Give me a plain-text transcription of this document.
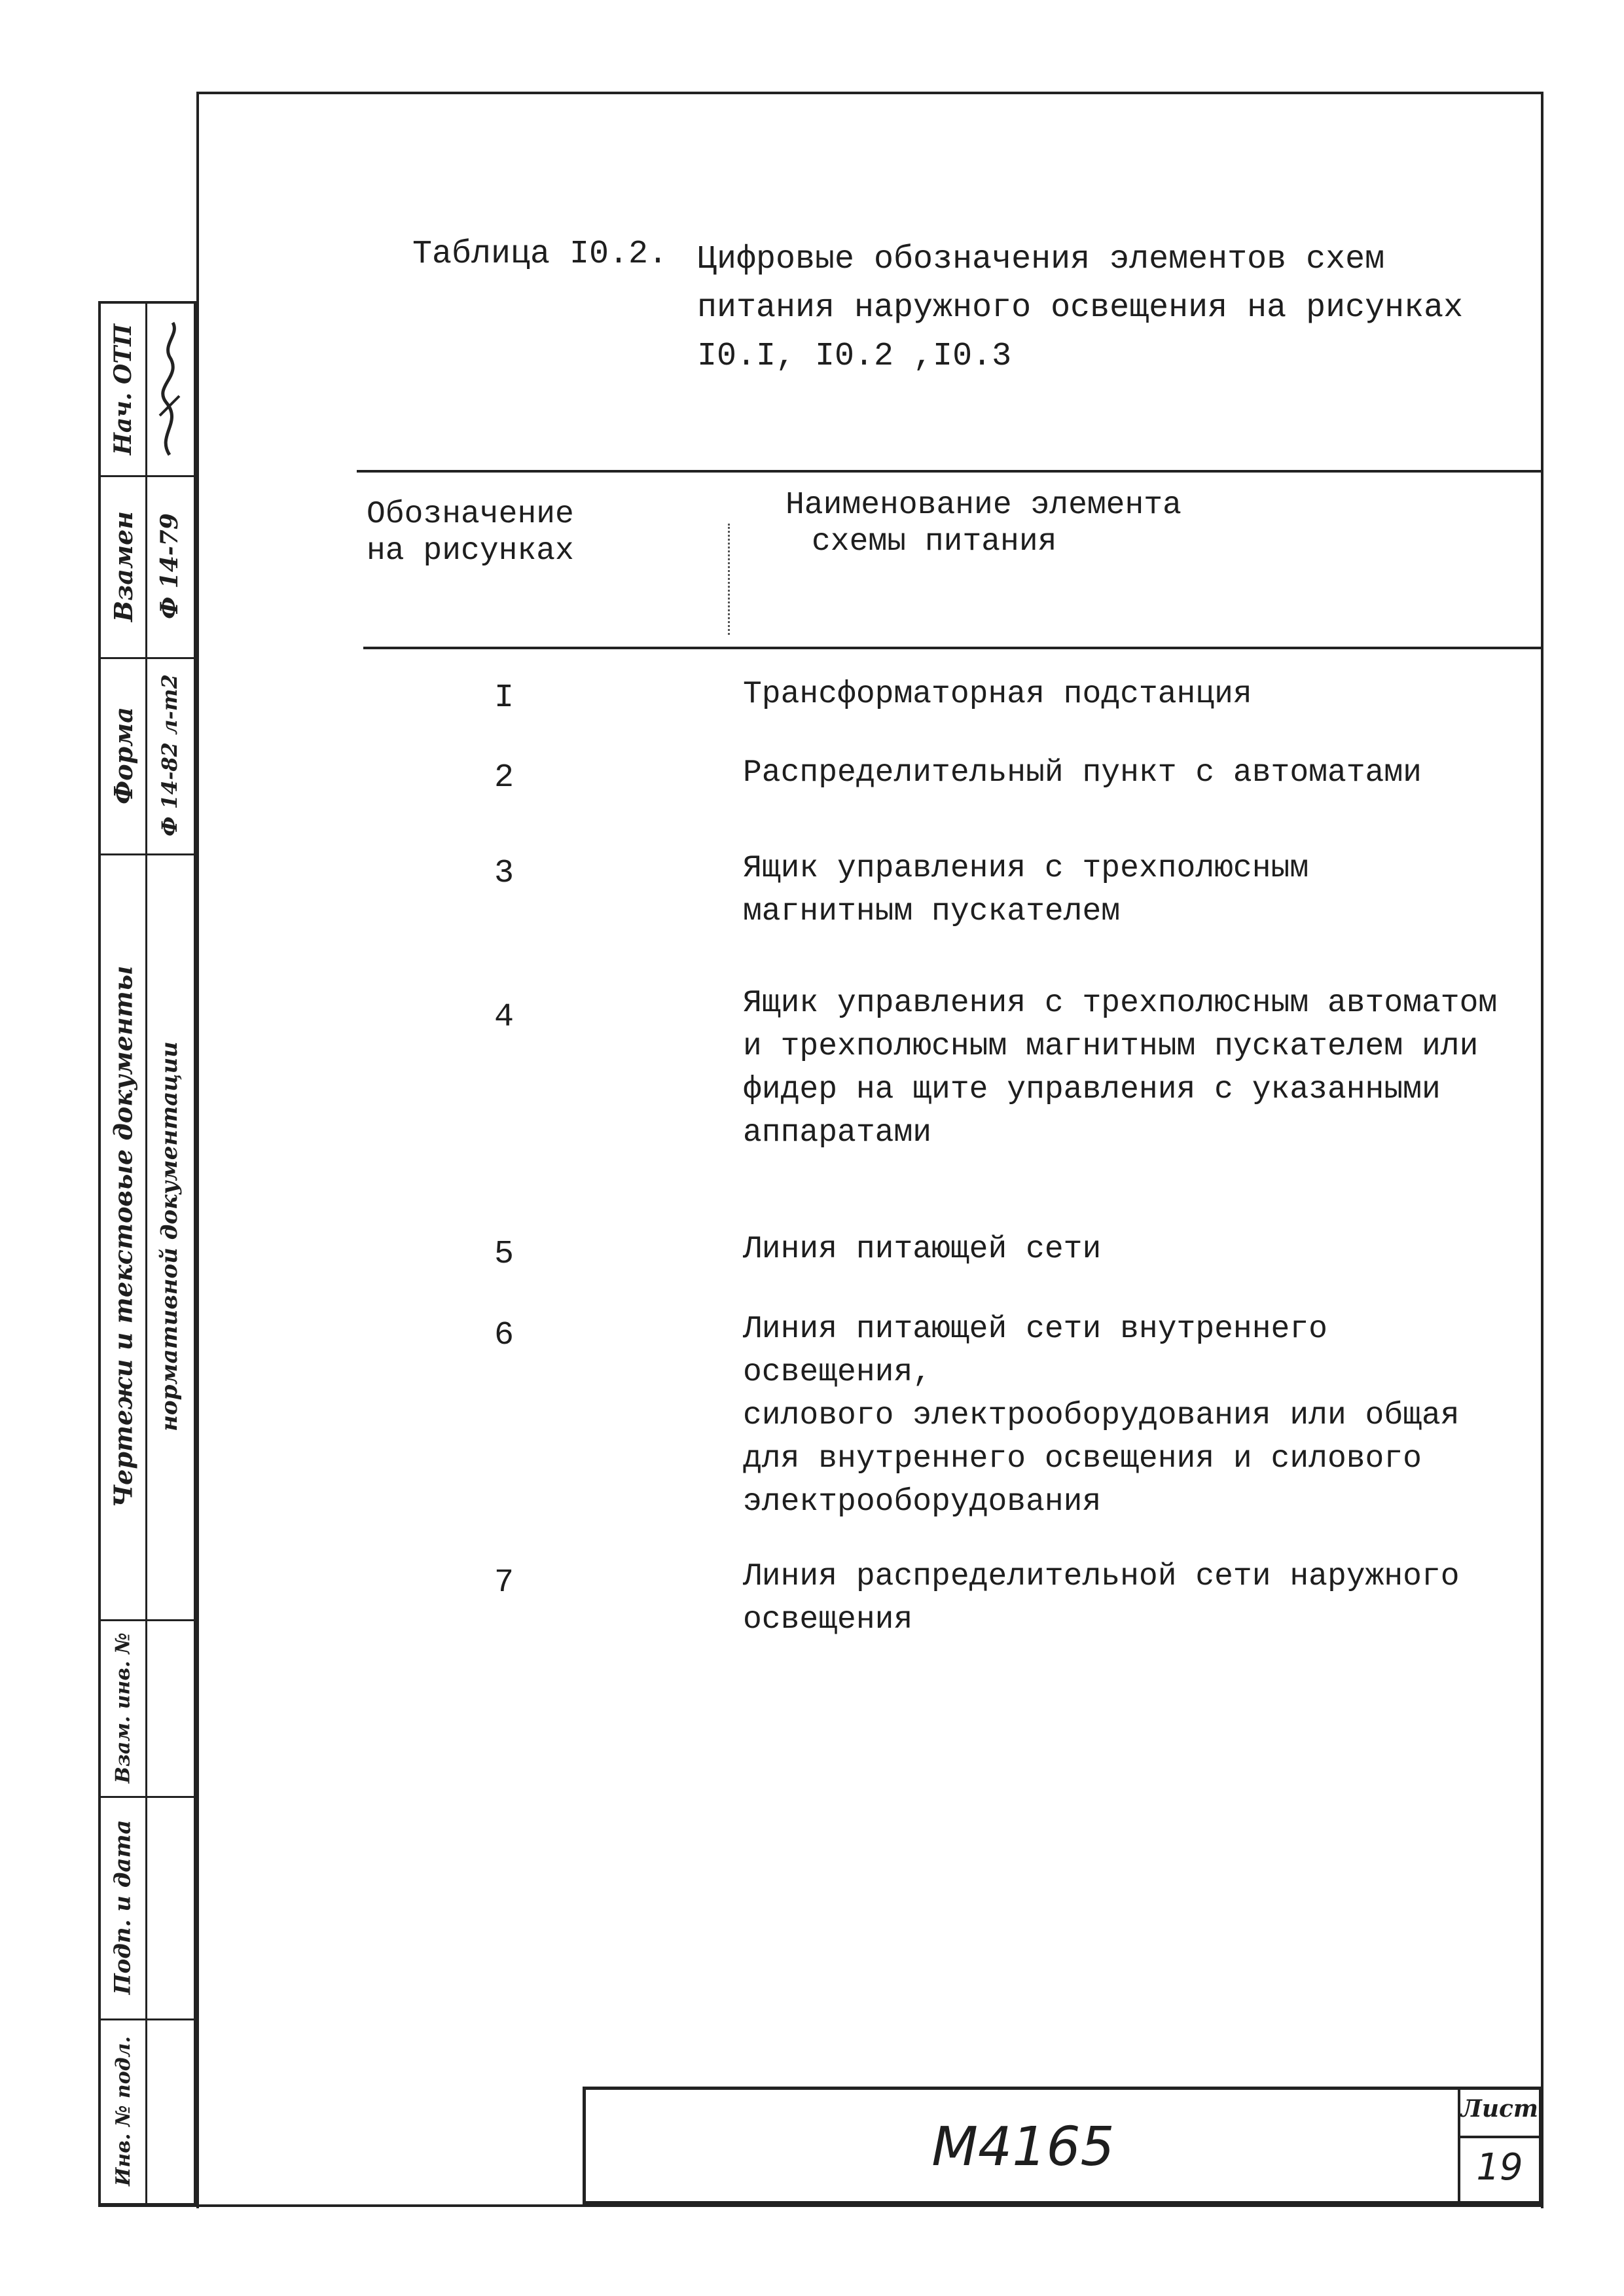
Нач. ОТП
Взамен Ф 14-79
Форма Ф 14-82 л-т2
Чертежи и текстовые документы нормативной документации
Взам. инв. №
Подп. и дата
Инв. № подл.
Таблица I0.2. Цифровые обозначения элементов схем
питания наружного освещения на рисунках
I0.I, I0.2 ,I0.3
Обозначение
на рисунках
Наименование элемента
схемы питания
I	Трансформаторная подстанция
2	Распределительный пункт с автоматами
3	Ящик управления с трехполюсным
магнитным пускателем
4	Ящик управления с трехполюсным автоматом
и трехполюсным магнитным пускателем или
фидер на щите управления с указанными
аппаратами
5	Линия питающей сети
6	Линия питающей сети внутреннего освещения,
силового электрооборудования или общая
для внутреннего освещения и силового
электрооборудования
7	Линия распределительной сети наружного
освещения
М4165
Лист
19
